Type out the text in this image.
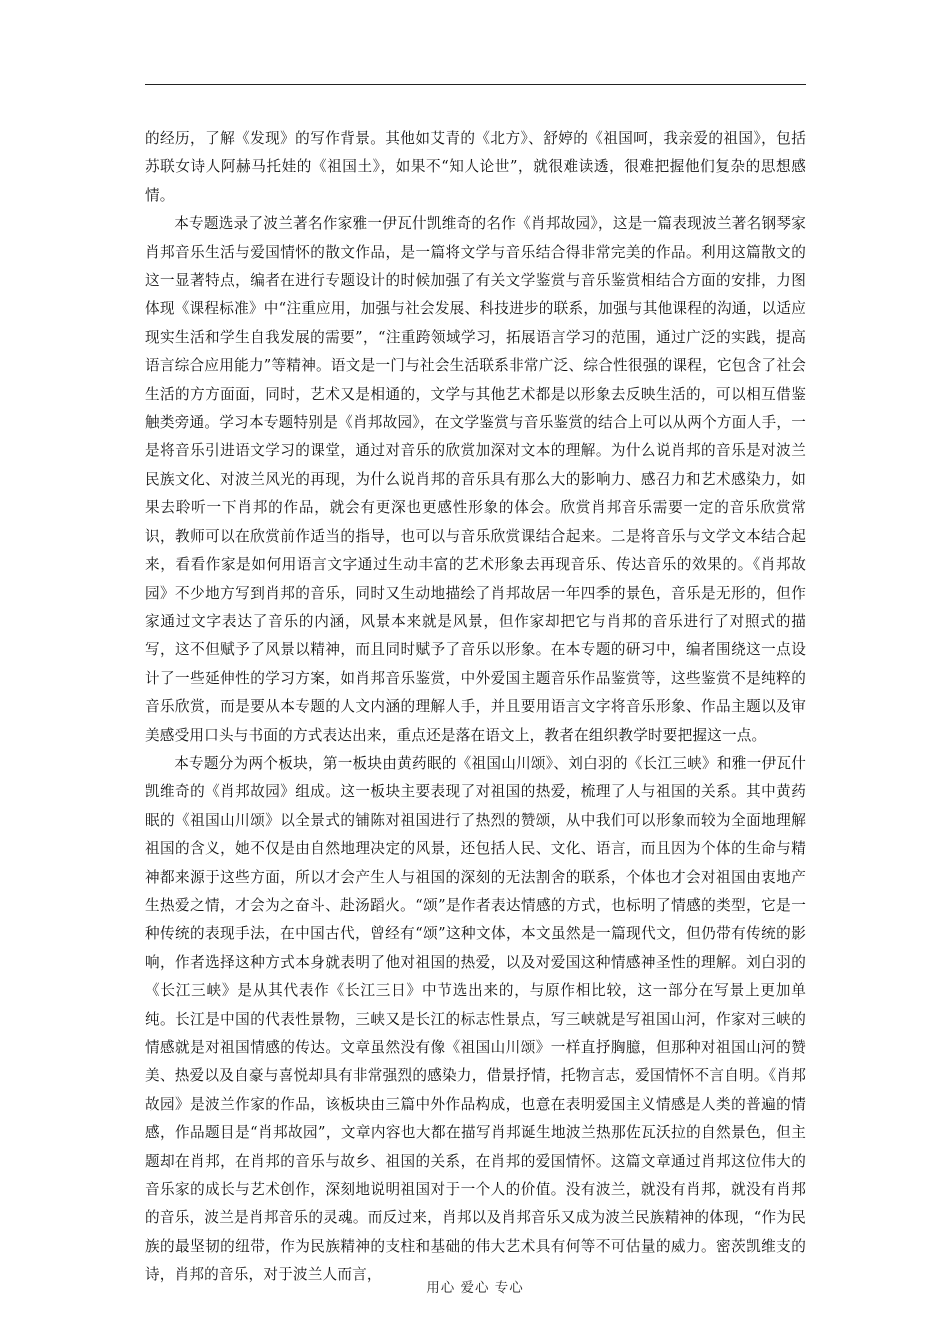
的经历，了解《发现》的写作背景。其他如艾青的《北方》、舒婷的《祖国呵，我亲爱的祖国》，包括苏联女诗人阿赫马托娃的《祖国土》，如果不“知人论世”，就很难读透，很难把握他们复杂的思想感情。

本专题选录了波兰著名作家雅一伊瓦什凯维奇的名作《肖邦故园》，这是一篇表现波兰著名钢琴家肖邦音乐生活与爱国情怀的散文作品，是一篇将文学与音乐结合得非常完美的作品。利用这篇散文的这一显著特点，编者在进行专题设计的时候加强了有关文学鉴赏与音乐鉴赏相结合方面的安排，力图体现《课程标准》中“注重应用，加强与社会发展、科技进步的联系，加强与其他课程的沟通，以适应现实生活和学生自我发展的需要”，“注重跨领域学习，拓展语言学习的范围，通过广泛的实践，提高语言综合应用能力”等精神。语文是一门与社会生活联系非常广泛、综合性很强的课程，它包含了社会生活的方方面面，同时，艺术又是相通的，文学与其他艺术都是以形象去反映生活的，可以相互借鉴触类旁通。学习本专题特别是《肖邦故园》，在文学鉴赏与音乐鉴赏的结合上可以从两个方面人手，一是将音乐引进语文学习的课堂，通过对音乐的欣赏加深对文本的理解。为什么说肖邦的音乐是对波兰民族文化、对波兰风光的再现，为什么说肖邦的音乐具有那么大的影响力、感召力和艺术感染力，如果去聆听一下肖邦的作品，就会有更深也更感性形象的体会。欣赏肖邦音乐需要一定的音乐欣赏常识，教师可以在欣赏前作适当的指导，也可以与音乐欣赏课结合起来。二是将音乐与文学文本结合起来，看看作家是如何用语言文字通过生动丰富的艺术形象去再现音乐、传达音乐的效果的。《肖邦故园》不少地方写到肖邦的音乐，同时又生动地描绘了肖邦故居一年四季的景色，音乐是无形的，但作家通过文字表达了音乐的内涵，风景本来就是风景，但作家却把它与肖邦的音乐进行了对照式的描写，这不但赋予了风景以精神，而且同时赋予了音乐以形象。在本专题的研习中，编者围绕这一点设计了一些延伸性的学习方案，如肖邦音乐鉴赏，中外爱国主题音乐作品鉴赏等，这些鉴赏不是纯粹的音乐欣赏，而是要从本专题的人文内涵的理解人手，并且要用语言文字将音乐形象、作品主题以及审美感受用口头与书面的方式表达出来，重点还是落在语文上，教者在组织教学时要把握这一点。

本专题分为两个板块，第一板块由黄药眠的《祖国山川颂》、刘白羽的《长江三峡》和雅一伊瓦什凯维奇的《肖邦故园》组成。这一板块主要表现了对祖国的热爱，梳理了人与祖国的关系。其中黄药眠的《祖国山川颂》以全景式的铺陈对祖国进行了热烈的赞颂，从中我们可以形象而较为全面地理解祖国的含义，她不仅是由自然地理决定的风景，还包括人民、文化、语言，而且因为个体的生命与精神都来源于这些方面，所以才会产生人与祖国的深刻的无法割舍的联系，个体也才会对祖国由衷地产生热爱之情，才会为之奋斗、赴汤蹈火。“颂”是作者表达情感的方式，也标明了情感的类型，它是一种传统的表现手法，在中国古代，曾经有“颂”这种文体，本文虽然是一篇现代文，但仍带有传统的影响，作者选择这种方式本身就表明了他对祖国的热爱，以及对爱国这种情感神圣性的理解。刘白羽的《长江三峡》是从其代表作《长江三日》中节选出来的，与原作相比较，这一部分在写景上更加单纯。长江是中国的代表性景物，三峡又是长江的标志性景点，写三峡就是写祖国山河，作家对三峡的情感就是对祖国情感的传达。文章虽然没有像《祖国山川颂》一样直抒胸臆，但那种对祖国山河的赞美、热爱以及自豪与喜悦却具有非常强烈的感染力，借景抒情，托物言志，爱国情怀不言自明。《肖邦故园》是波兰作家的作品，该板块由三篇中外作品构成，也意在表明爱国主义情感是人类的普遍的情感，作品题目是“肖邦故园”，文章内容也大都在描写肖邦诞生地波兰热那佐瓦沃拉的自然景色，但主题却在肖邦，在肖邦的音乐与故乡、祖国的关系，在肖邦的爱国情怀。这篇文章通过肖邦这位伟大的音乐家的成长与艺术创作，深刻地说明祖国对于一个人的价值。没有波兰，就没有肖邦，就没有肖邦的音乐，波兰是肖邦音乐的灵魂。而反过来，肖邦以及肖邦音乐又成为波兰民族精神的体现，“作为民族的最坚韧的纽带，作为民族精神的支柱和基础的伟大艺术具有何等不可估量的威力。密茨凯维支的诗，肖邦的音乐，对于波兰人而言，

用心 爱心 专心
